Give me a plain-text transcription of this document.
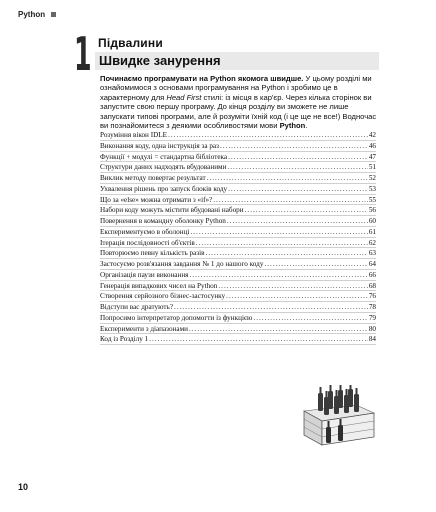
Python
1 Підвалини
Швидке занурення

Починаємо програмувати на Python якомога швидше. У цьому розділі ми ознайомимося з основами програмування на Python і зробимо це в характерному для Head First стилі: із місця в кар'єр. Через кілька сторінок ви запустите свою першу програму. До кінця розділу ви зможете не лише запускати типові програми, але й розуміти їхній код (і це ще не все!) Водночас ви познайомитеся з деякими особливостями мови Python.

Розуміння вікон IDLE . . .	42
Виконання коду, одна інструкція за раз . . .	46
Функції + модулі = стандартна бібліотека . . .	47
Структури даних надходять вбудованими . . .	51
Виклик методу повертає результат . . .	52
Ухвалення рішень про запуск блоків коду . . .	53
Що за «else» можна отримати з «if»? . . .	55
Набори коду можуть містити вбудовані набори . . .	56
Повернення в командну оболонку Python . . .	60
Експериментуємо в оболонці . . .	61
Ітерація послідовності об'єктів . . .	62
Повторюємо певну кількість разів . . .	63
Застосуємо розв'язання завдання № 1 до нашого коду . . .	64
Організація паузи виконання . . .	66
Генерація випадкових чисел на Python . . .	68
Створення серйозного бізнес-застосунку . . .	76
Відступи вас дратують? . . .	78
Попросимо інтерпретатор допомогти із функцією . . .	79
Експерименти з діапазонами . . .	80
Код із Розділу 1 . . .	84
10
